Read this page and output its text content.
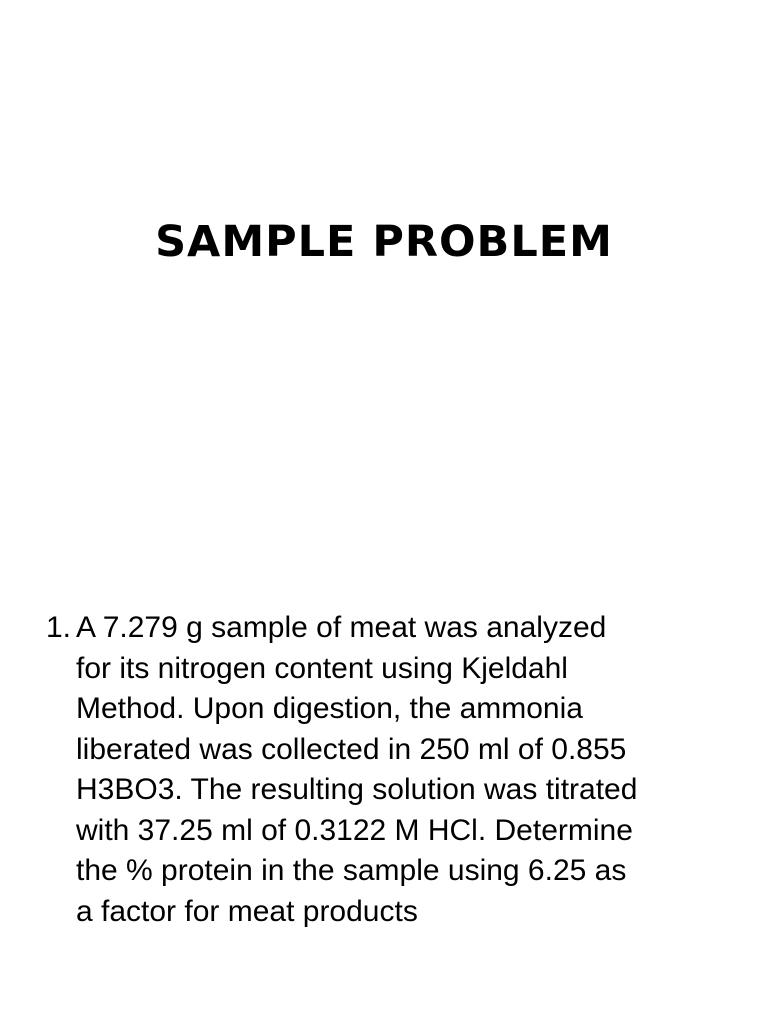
SAMPLE PROBLEM
1. A 7.279 g sample of meat was analyzed
for its nitrogen content using Kjeldahl
Method. Upon digestion, the ammonia
liberated was collected in 250 ml of 0.855
H3BO3. The resulting solution was titrated
with 37.25 ml of 0.3122 M HCl. Determine
the % protein in the sample using 6.25 as
a factor for meat products
